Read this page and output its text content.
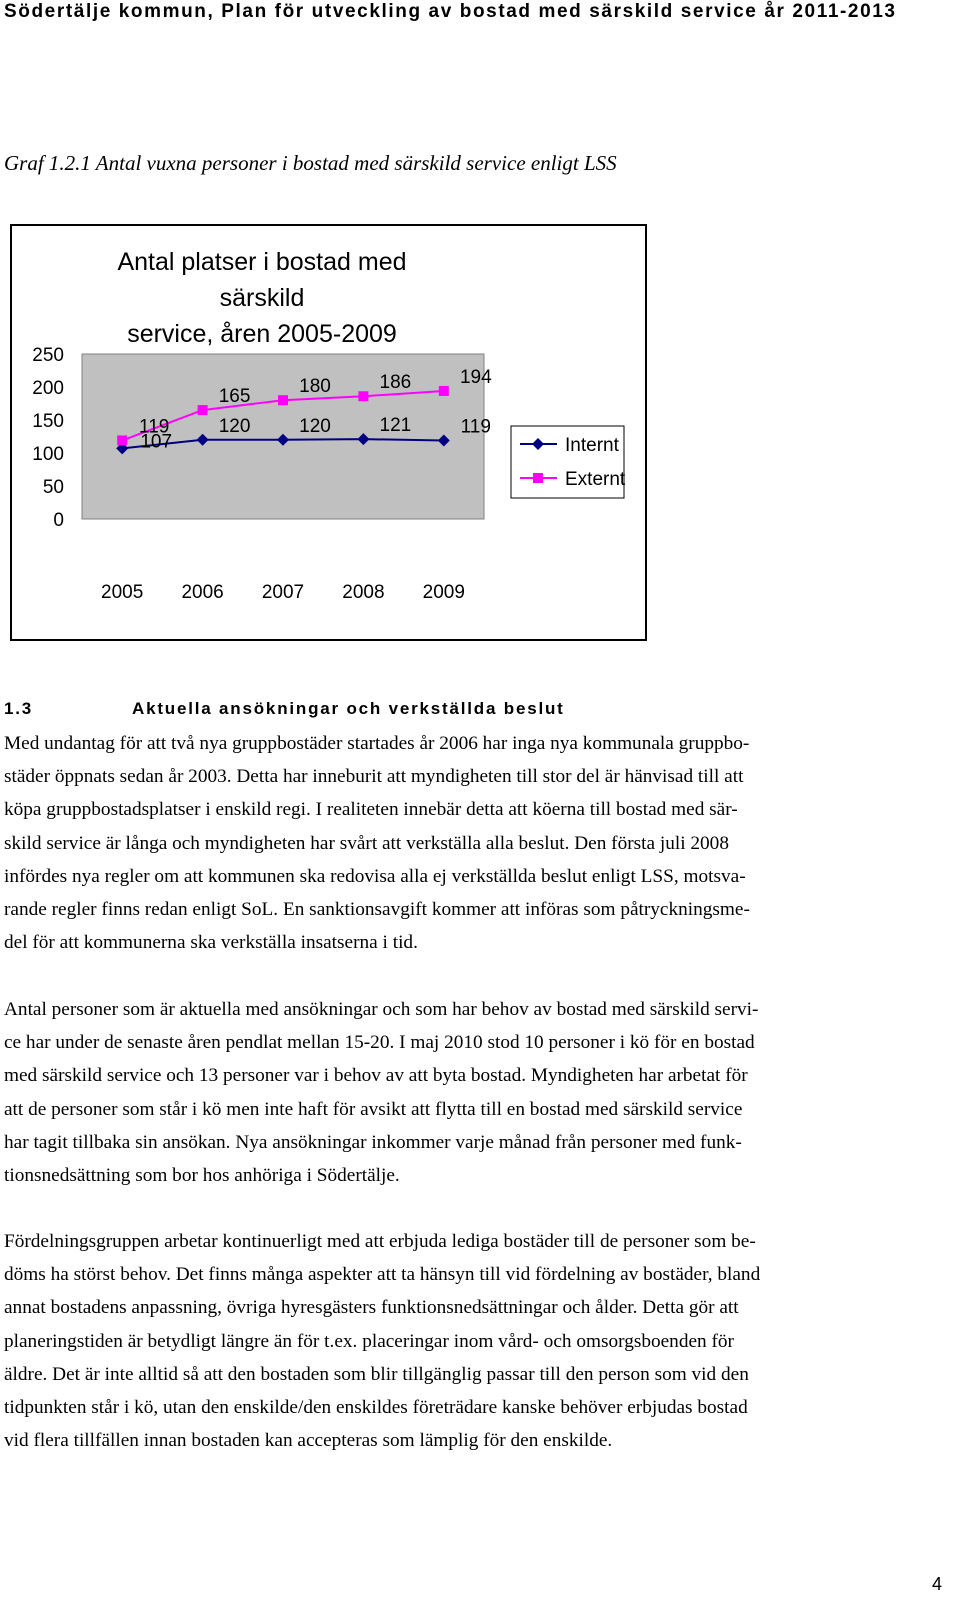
Södertälje kommun, Plan för utveckling av bostad med särskild service år 2011-2013
Graf 1.2.1 Antal vuxna personer i bostad med särskild service enligt LSS
Antal platser i bostad med särskild
service, åren 2005-2009
0
50
100
150
200
250
2005 2006 2007 2008 2009
107
120	120	121	119
119
165	180	186	194
Internt
Externt
1.3	Aktuella ansökningar och verkställda beslut

Med undantag för att två nya gruppbostäder startades år 2006 har inga nya kommunala gruppbo-
städer öppnats sedan år 2003. Detta har inneburit att myndigheten till stor del är hänvisad till att
köpa gruppbostadsplatser i enskild regi. I realiteten innebär detta att köerna till bostad med sär-
skild service är långa och myndigheten har svårt att verkställa alla beslut. Den första juli 2008
infördes nya regler om att kommunen ska redovisa alla ej verkställda beslut enligt LSS, motsva-
rande regler finns redan enligt SoL. En sanktionsavgift kommer att införas som påtryckningsme-
del för att kommunerna ska verkställa insatserna i tid.

Antal personer som är aktuella med ansökningar och som har behov av bostad med särskild servi-
ce har under de senaste åren pendlat mellan 15-20. I maj 2010 stod 10 personer i kö för en bostad
med särskild service och 13 personer var i behov av att byta bostad. Myndigheten har arbetat för
att de personer som står i kö men inte haft för avsikt att flytta till en bostad med särskild service
har tagit tillbaka sin ansökan. Nya ansökningar inkommer varje månad från personer med funk-
tionsnedsättning som bor hos anhöriga i Södertälje.

Fördelningsgruppen arbetar kontinuerligt med att erbjuda lediga bostäder till de personer som be-
döms ha störst behov. Det finns många aspekter att ta hänsyn till vid fördelning av bostäder, bland
annat bostadens anpassning, övriga hyresgästers funktionsnedsättningar och ålder. Detta gör att
planeringstiden är betydligt längre än för t.ex. placeringar inom vård- och omsorgsboenden för
äldre. Det är inte alltid så att den bostaden som blir tillgänglig passar till den person som vid den
tidpunkten står i kö, utan den enskilde/den enskildes företrädare kanske behöver erbjudas bostad
vid flera tillfällen innan bostaden kan accepteras som lämplig för den enskilde.

4
